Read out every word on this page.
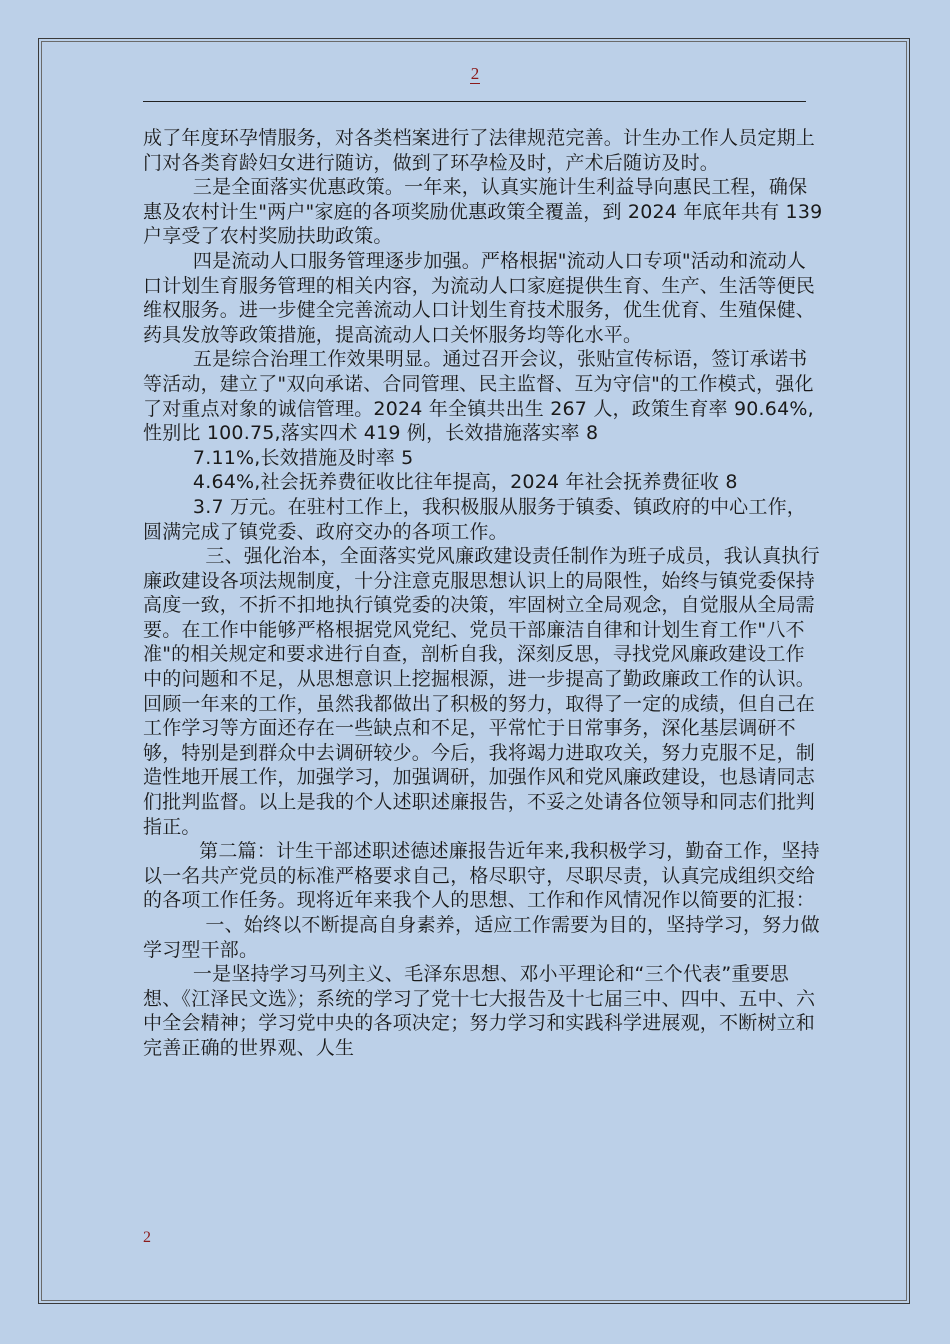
2

成了年度环孕情服务，对各类档案进行了法律规范完善。计生办工作人员定期上门对各类育龄妇女进行随访，做到了环孕检及时，产术后随访及时。

三是全面落实优惠政策。一年来，认真实施计生利益导向惠民工程，确保惠及农村计生"两户"家庭的各项奖励优惠政策全覆盖，到 2024 年底年共有 139 户享受了农村奖励扶助政策。

四是流动人口服务管理逐步加强。严格根据"流动人口专项"活动和流动人口计划生育服务管理的相关内容，为流动人口家庭提供生育、生产、生活等便民维权服务。进一步健全完善流动人口计划生育技术服务，优生优育、生殖保健、药具发放等政策措施，提高流动人口关怀服务均等化水平。

五是综合治理工作效果明显。通过召开会议，张贴宣传标语，签订承诺书等活动，建立了"双向承诺、合同管理、民主监督、互为守信"的工作模式，强化了对重点对象的诚信管理。2024 年全镇共出生 267 人，政策生育率 90.64%,性别比 100.75,落实四术 419 例，长效措施落实率 8

7.11%,长效措施及时率 5

4.64%,社会抚养费征收比往年提高，2024 年社会抚养费征收 8

3.7 万元。在驻村工作上，我积极服从服务于镇委、镇政府的中心工作，圆满完成了镇党委、政府交办的各项工作。

三、强化治本，全面落实党风廉政建设责任制作为班子成员，我认真执行廉政建设各项法规制度，十分注意克服思想认识上的局限性，始终与镇党委保持高度一致，不折不扣地执行镇党委的决策，牢固树立全局观念，自觉服从全局需要。在工作中能够严格根据党风党纪、党员干部廉洁自律和计划生育工作"八不准"的相关规定和要求进行自查，剖析自我，深刻反思，寻找党风廉政建设工作中的问题和不足，从思想意识上挖掘根源，进一步提高了勤政廉政工作的认识。回顾一年来的工作，虽然我都做出了积极的努力，取得了一定的成绩，但自己在工作学习等方面还存在一些缺点和不足，平常忙于日常事务，深化基层调研不够，特别是到群众中去调研较少。今后，我将竭力进取攻关，努力克服不足，制造性地开展工作，加强学习，加强调研，加强作风和党风廉政建设，也恳请同志们批判监督。以上是我的个人述职述廉报告，不妥之处请各位领导和同志们批判指正。

第二篇：计生干部述职述德述廉报告近年来,我积极学习，勤奋工作，坚持以一名共产党员的标准严格要求自己，格尽职守，尽职尽责，认真完成组织交给的各项工作任务。现将近年来我个人的思想、工作和作风情况作以简要的汇报：

一、始终以不断提高自身素养，适应工作需要为目的，坚持学习，努力做学习型干部。

一是坚持学习马列主义、毛泽东思想、邓小平理论和“三个代表”重要思想、《江泽民文选》；系统的学习了党十七大报告及十七届三中、四中、五中、六中全会精神；学习党中央的各项决定；努力学习和实践科学进展观，不断树立和完善正确的世界观、人生

2
